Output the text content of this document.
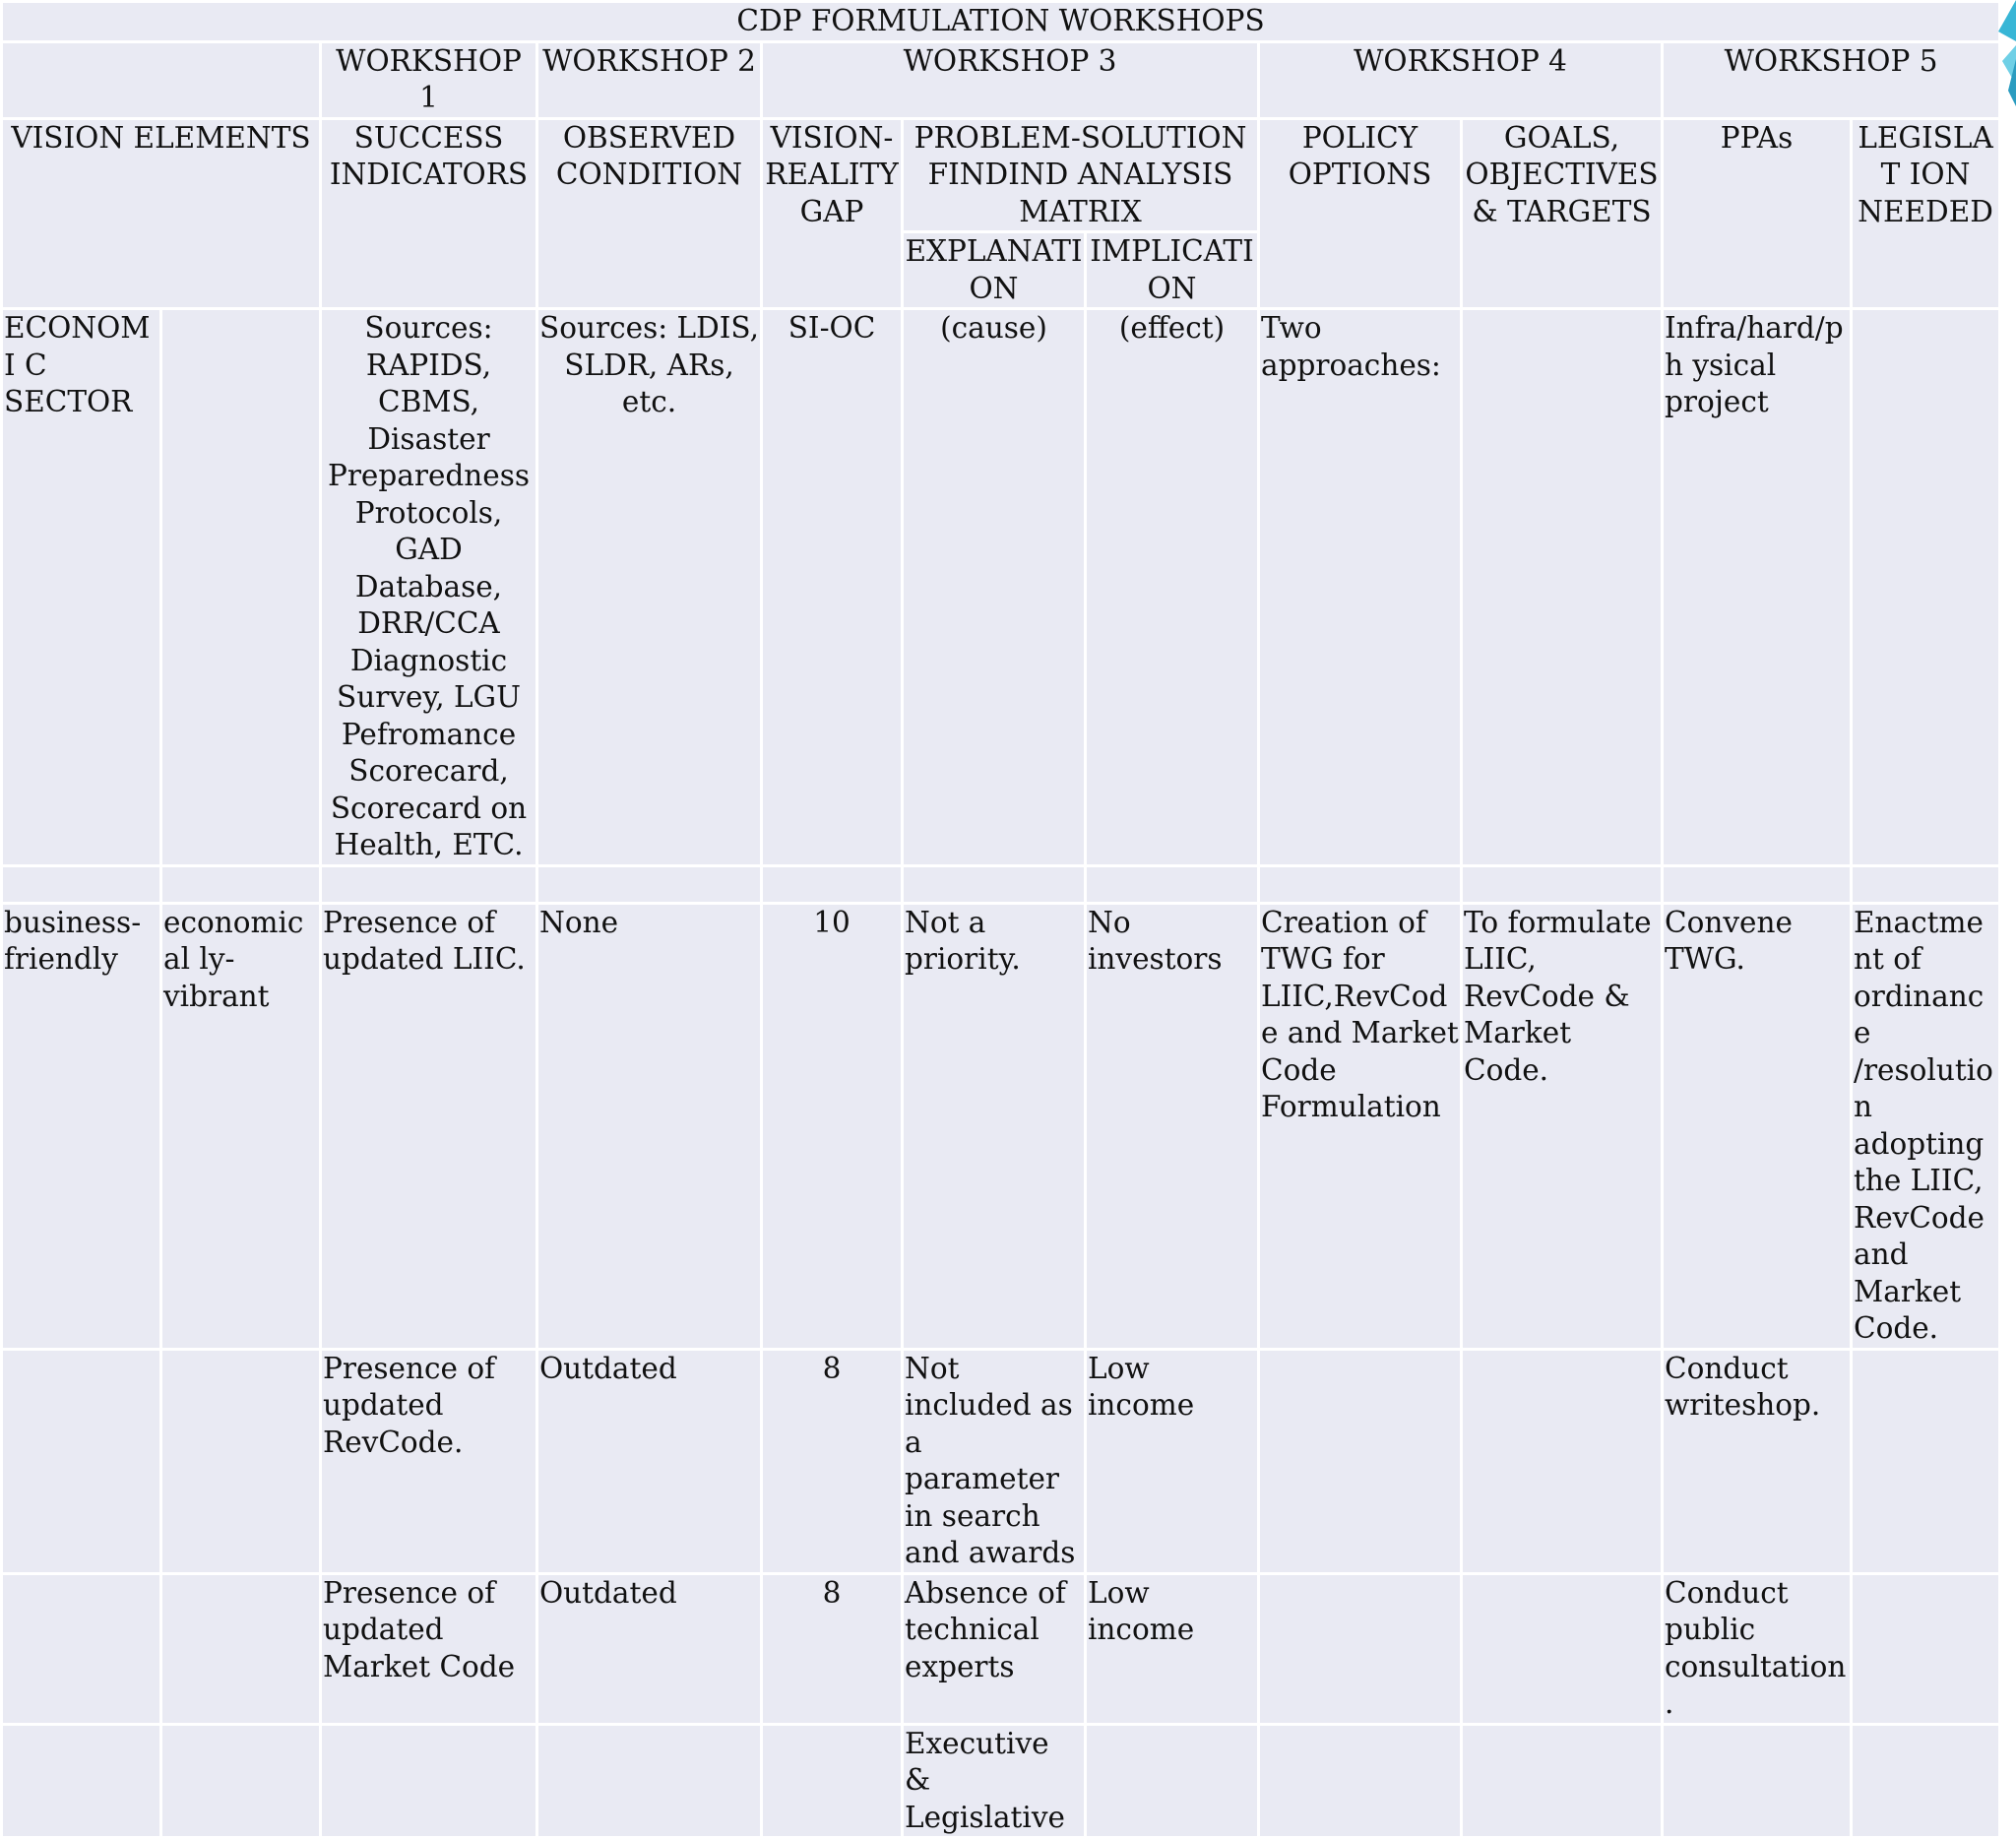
CDP FORMULATION WORKSHOPS										
		WORKSHOP 1	WORKSHOP 2	WORKSHOP 3			WORKSHOP 4		WORKSHOP 5	
VISION ELEMENTS		SUCCESS INDICATORS	OBSERVED CONDITION	VISION-REALITY GAP	PROBLEM-SOLUTION FINDIND ANALYSIS MATRIX		POLICY OPTIONS	GOALS, OBJECTIVES & TARGETS	PPAs	LEGISLAT ION NEEDED
					EXPLANATI ON	IMPLICATI ON				
ECONOMI C SECTOR		Sources: RAPIDS, CBMS, Disaster Preparedness Protocols, GAD Database, DRR/CCA Diagnostic Survey, LGU Pefromance Scorecard, Scorecard on Health, ETC.	Sources: LDIS, SLDR, ARs, etc.	SI-OC	(cause)	(effect)	Two approaches:		Infra/hard/ph ysical project	

business-friendly	economical ly-vibrant	Presence of updated LIIC.	None	10	Not a priority.	No investors	Creation of TWG for LIIC,RevCode and Market Code Formulation	To formulate LIIC, RevCode & Market Code.	Convene TWG.	Enactment of ordinance /resolutio n adopting the LIIC, RevCode and Market Code.
		Presence of updated RevCode.	Outdated	8	Not included as a parameter in search and awards	Low income			Conduct writeshop.	
		Presence of updated Market Code	Outdated	8	Absence of technical experts	Low income			Conduct public consultation.	
					Executive & Legislative					
